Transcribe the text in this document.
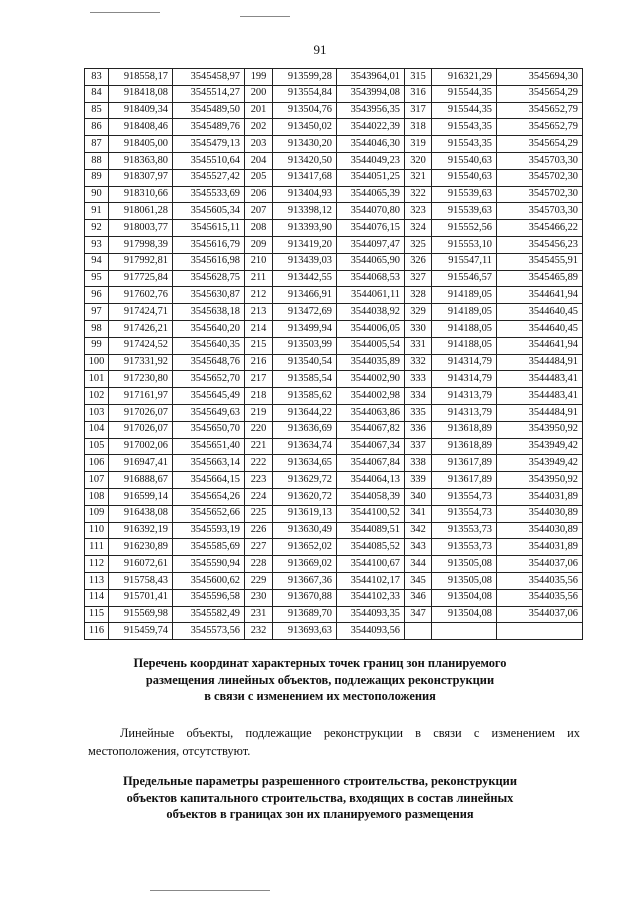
91
83	918558,17	3545458,97	199	913599,28	3543964,01	315	916321,29	3545694,30
84	918418,08	3545514,27	200	913554,84	3543994,08	316	915544,35	3545654,29
85	918409,34	3545489,50	201	913504,76	3543956,35	317	915544,35	3545652,79
86	918408,46	3545489,76	202	913450,02	3544022,39	318	915543,35	3545652,79
87	918405,00	3545479,13	203	913430,20	3544046,30	319	915543,35	3545654,29
88	918363,80	3545510,64	204	913420,50	3544049,23	320	915540,63	3545703,30
89	918307,97	3545527,42	205	913417,68	3544051,25	321	915540,63	3545702,30
90	918310,66	3545533,69	206	913404,93	3544065,39	322	915539,63	3545702,30
91	918061,28	3545605,34	207	913398,12	3544070,80	323	915539,63	3545703,30
92	918003,77	3545615,11	208	913393,90	3544076,15	324	915552,56	3545466,22
93	917998,39	3545616,79	209	913419,20	3544097,47	325	915553,10	3545456,23
94	917992,81	3545616,98	210	913439,03	3544065,90	326	915547,11	3545455,91
95	917725,84	3545628,75	211	913442,55	3544068,53	327	915546,57	3545465,89
96	917602,76	3545630,87	212	913466,91	3544061,11	328	914189,05	3544641,94
97	917424,71	3545638,18	213	913472,69	3544038,92	329	914189,05	3544640,45
98	917426,21	3545640,20	214	913499,94	3544006,05	330	914188,05	3544640,45
99	917424,52	3545640,35	215	913503,99	3544005,54	331	914188,05	3544641,94
100	917331,92	3545648,76	216	913540,54	3544035,89	332	914314,79	3544484,91
101	917230,80	3545652,70	217	913585,54	3544002,90	333	914314,79	3544483,41
102	917161,97	3545645,49	218	913585,62	3544002,98	334	914313,79	3544483,41
103	917026,07	3545649,63	219	913644,22	3544063,86	335	914313,79	3544484,91
104	917026,07	3545650,70	220	913636,69	3544067,82	336	913618,89	3543950,92
105	917002,06	3545651,40	221	913634,74	3544067,34	337	913618,89	3543949,42
106	916947,41	3545663,14	222	913634,65	3544067,84	338	913617,89	3543949,42
107	916888,67	3545664,15	223	913629,72	3544064,13	339	913617,89	3543950,92
108	916599,14	3545654,26	224	913620,72	3544058,39	340	913554,73	3544031,89
109	916438,08	3545652,66	225	913619,13	3544100,52	341	913554,73	3544030,89
110	916392,19	3545593,19	226	913630,49	3544089,51	342	913553,73	3544030,89
111	916230,89	3545585,69	227	913652,02	3544085,52	343	913553,73	3544031,89
112	916072,61	3545590,94	228	913669,02	3544100,67	344	913505,08	3544037,06
113	915758,43	3545600,62	229	913667,36	3544102,17	345	913505,08	3544035,56
114	915701,41	3545596,58	230	913670,88	3544102,33	346	913504,08	3544035,56
115	915569,98	3545582,49	231	913689,70	3544093,35	347	913504,08	3544037,06
116	915459,74	3545573,56	232	913693,63	3544093,56			
Перечень координат характерных точек границ зон планируемого
размещения линейных объектов, подлежащих реконструкции
в связи с изменением их местоположения
Линейные объекты, подлежащие реконструкции в связи с изменением их местоположения, отсутствуют.
Предельные параметры разрешенного строительства, реконструкции
объектов капитального строительства, входящих в состав линейных
объектов в границах зон их планируемого размещения
